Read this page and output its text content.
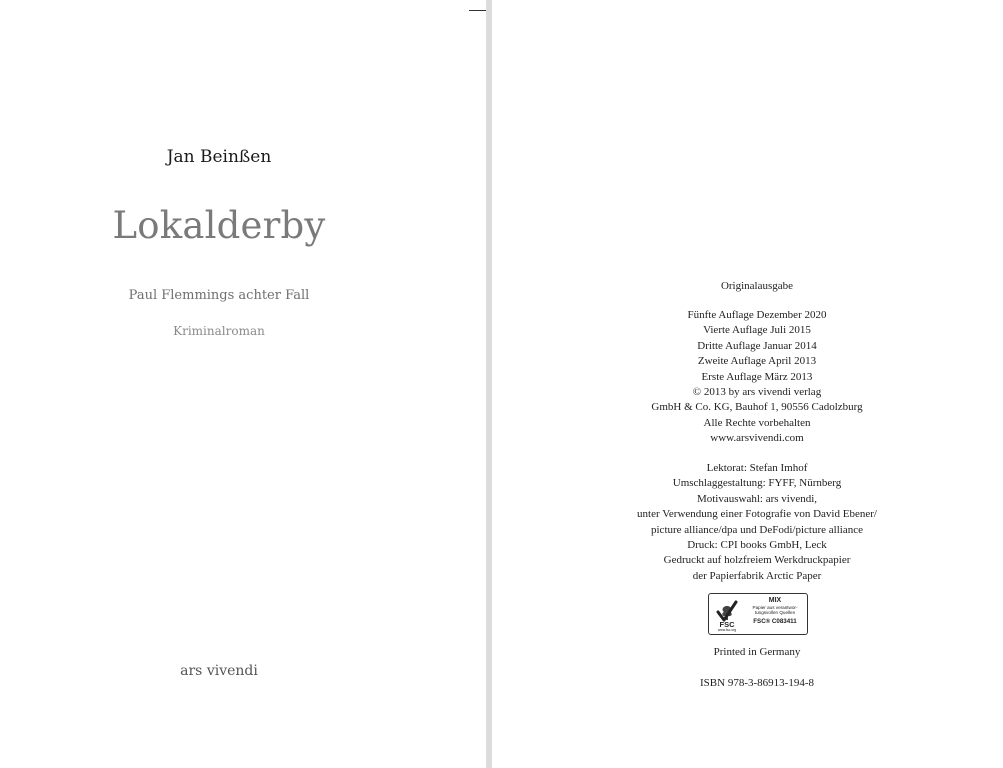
Jan Beinßen
Lokalderby
Paul Flemmings achter Fall
Kriminalroman
ars vivendi
Originalausgabe
Fünfte Auflage Dezember 2020
Vierte Auflage Juli 2015
Dritte Auflage Januar 2014
Zweite Auflage April 2013
Erste Auflage März 2013
© 2013 by ars vivendi verlag
GmbH & Co. KG, Bauhof 1, 90556 Cadolzburg
Alle Rechte vorbehalten
www.arsvivendi.com
Lektorat: Stefan Imhof
Umschlaggestaltung: FYFF, Nürnberg
Motivauswahl: ars vivendi,
unter Verwendung einer Fotografie von David Ebener/
picture alliance/dpa und DeFodi/picture alliance
Druck: CPI books GmbH, Leck
Gedruckt auf holzfreiem Werkdruckpapier
der Papierfabrik Arctic Paper
FSC
www.fsc.org
MIX
Papier aus verantwor-
tungsvollen Quellen
FSC® C083411
Printed in Germany
ISBN 978-3-86913-194-8
